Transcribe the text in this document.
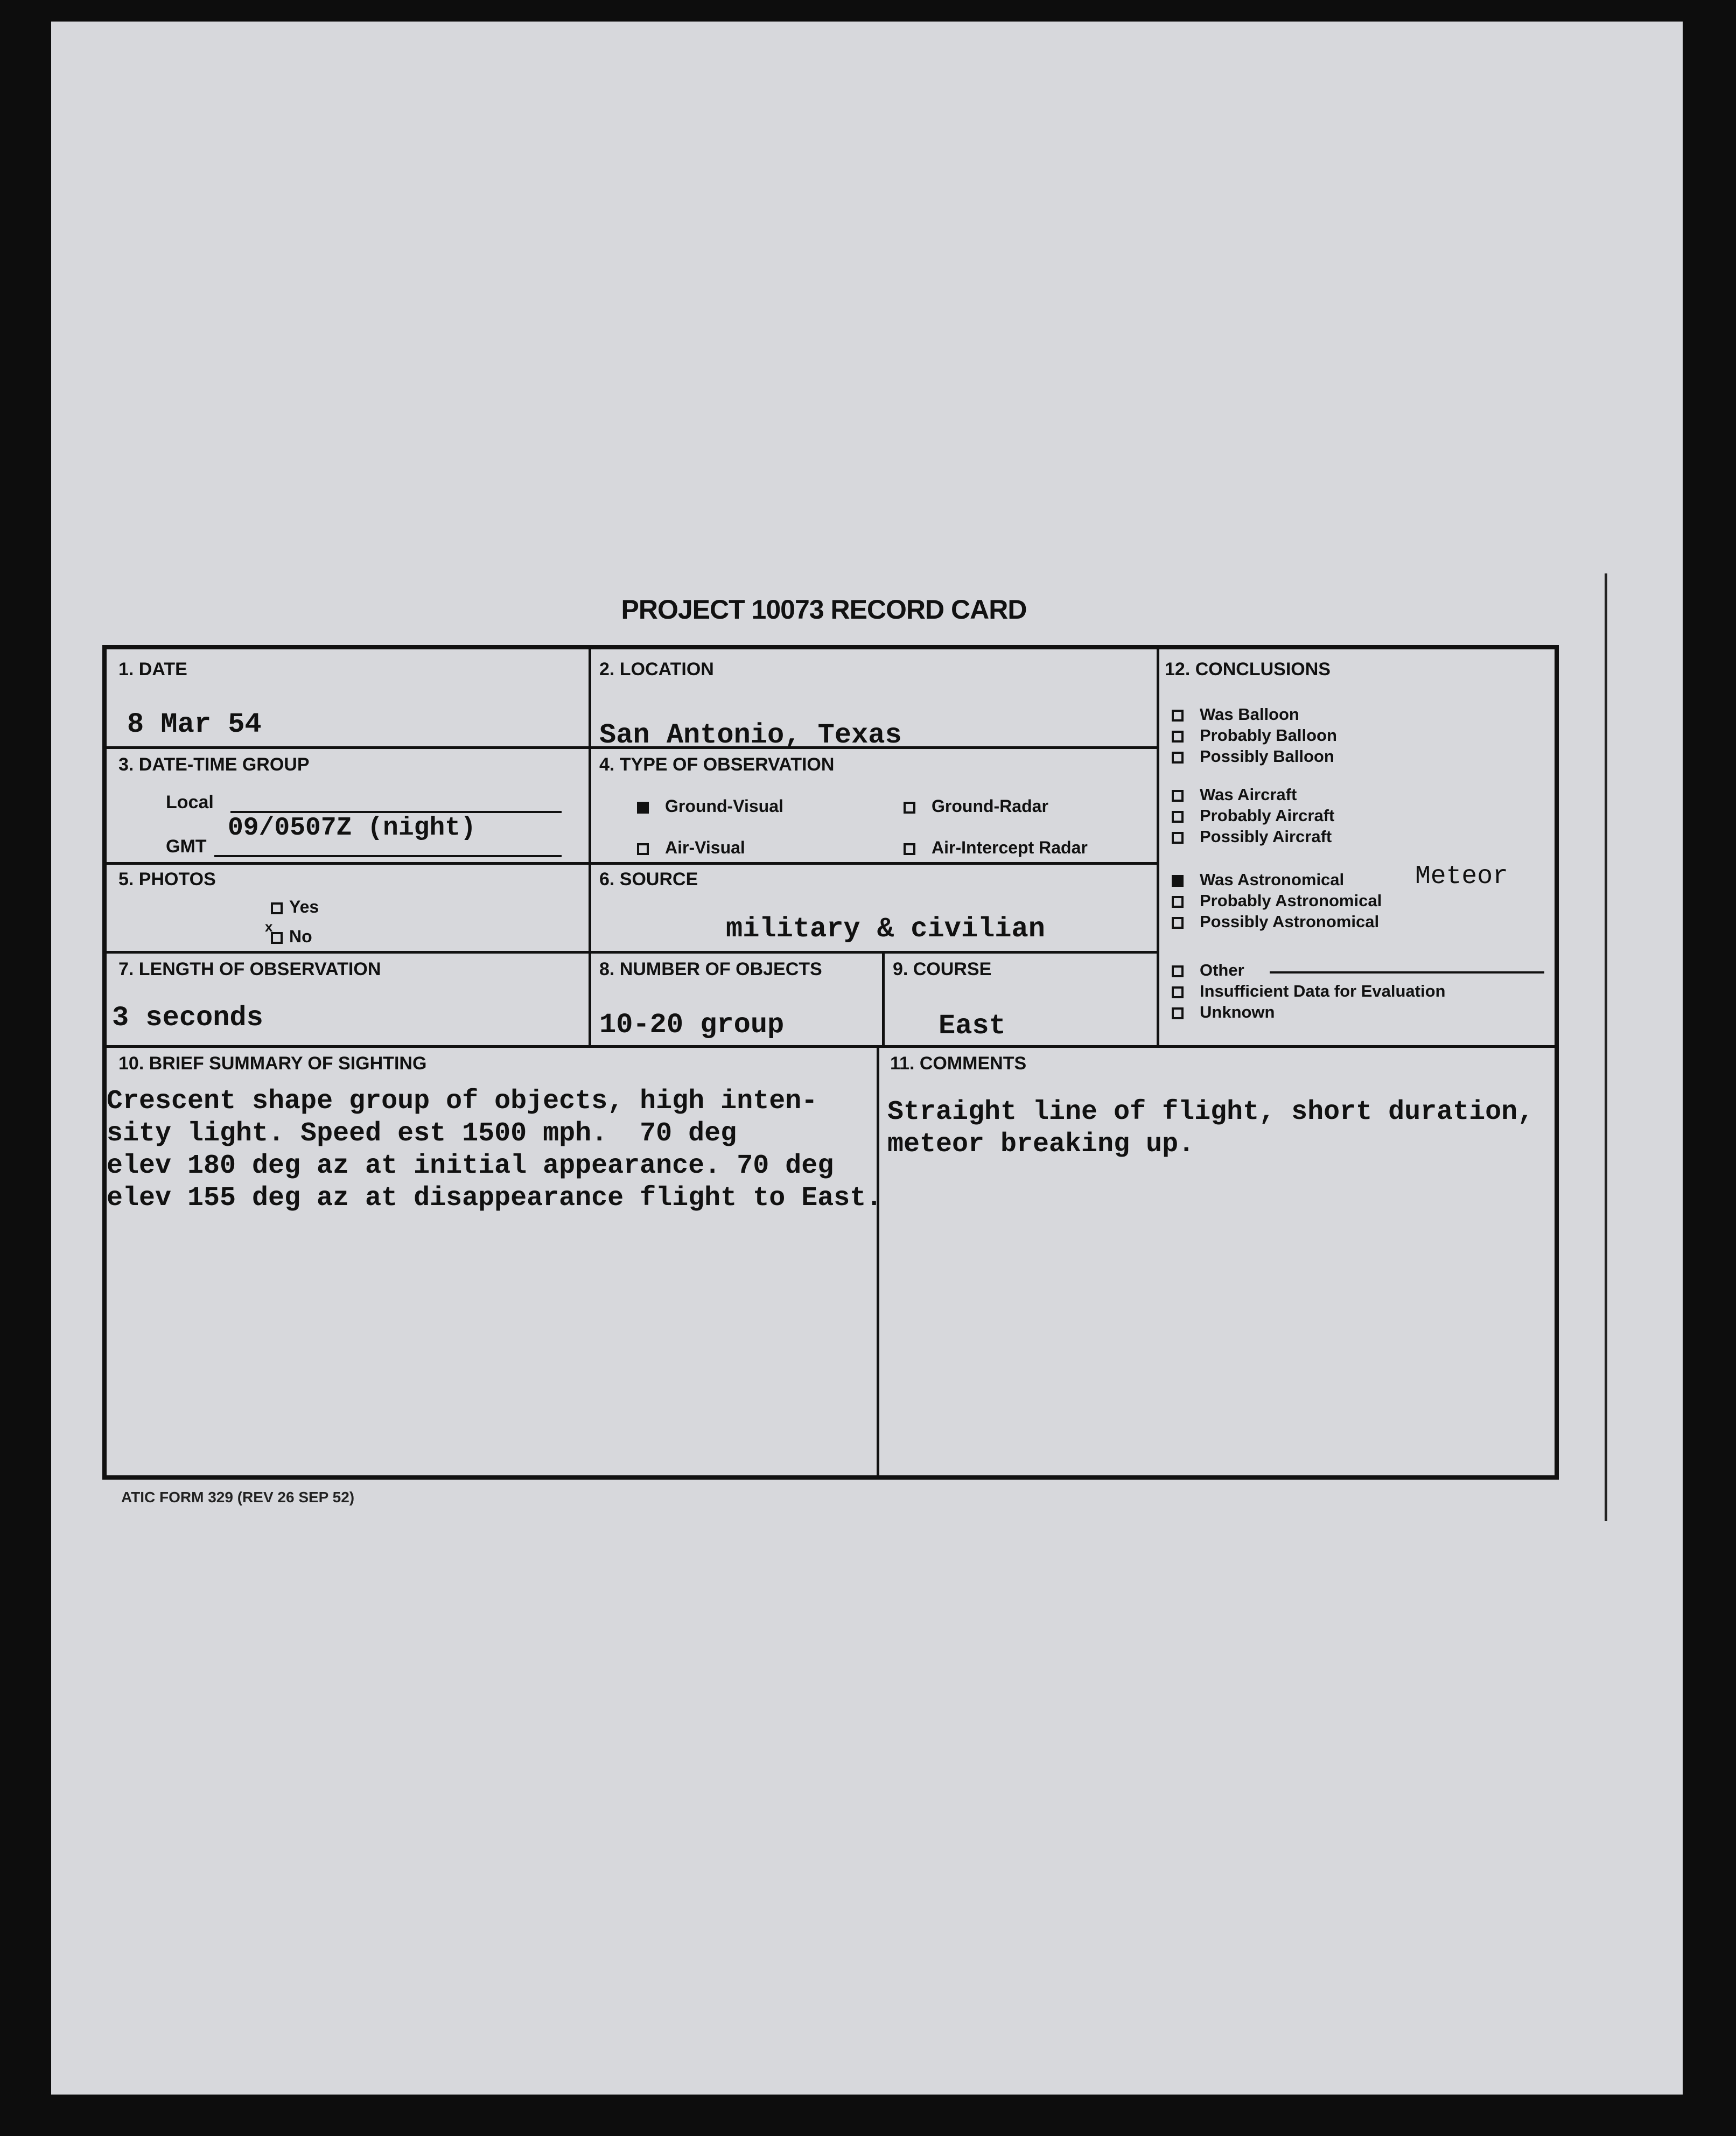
PROJECT 10073 RECORD CARD
1. DATE
8 Mar 54
2. LOCATION
San Antonio, Texas
3. DATE-TIME GROUP
Local
GMT
09/0507Z (night)
4. TYPE OF OBSERVATION
Ground-Visual	Ground-Radar
Air-Visual	Air-Intercept Radar
5. PHOTOS
Yes
No
x
6. SOURCE
military & civilian
7. LENGTH OF OBSERVATION
3 seconds
8. NUMBER OF OBJECTS
10-20 group
9. COURSE
East
12. CONCLUSIONS
Was Balloon
Probably Balloon
Possibly Balloon
Was Aircraft
Probably Aircraft
Possibly Aircraft
Was Astronomical
Probably Astronomical
Possibly Astronomical
Other
Insufficient Data for Evaluation
Unknown
Meteor
10. BRIEF SUMMARY OF SIGHTING
Crescent shape group of objects, high inten-
sity light. Speed est 1500 mph.  70 deg
elev 180 deg az at initial appearance. 70 deg
elev 155 deg az at disappearance flight to East.
11. COMMENTS
Straight line of flight, short duration,
meteor breaking up.
ATIC FORM 329 (REV 26 SEP 52)
